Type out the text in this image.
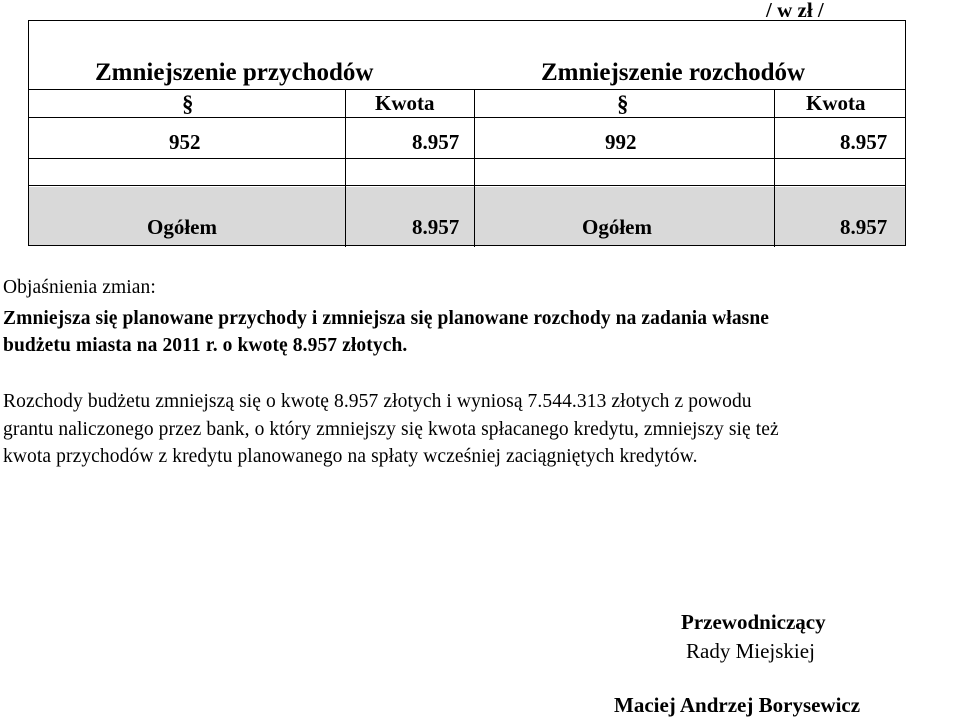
/ w zł /
Zmniejszenie przychodów	Zmniejszenie rozchodów
§	Kwota	§	Kwota
952	8.957	992	8.957
Ogółem	8.957	Ogółem	8.957
Objaśnienia zmian:
Zmniejsza się planowane przychody i zmniejsza się planowane rozchody na zadania własne
budżetu miasta na 2011 r. o kwotę 8.957 złotych.
Rozchody budżetu zmniejszą się o kwotę 8.957 złotych i wyniosą 7.544.313 złotych z powodu
grantu naliczonego przez bank, o który zmniejszy się kwota spłacanego kredytu, zmniejszy się też
kwota przychodów z kredytu planowanego na spłaty wcześniej zaciągniętych kredytów.
Przewodniczący
Rady Miejskiej
Maciej Andrzej Borysewicz
